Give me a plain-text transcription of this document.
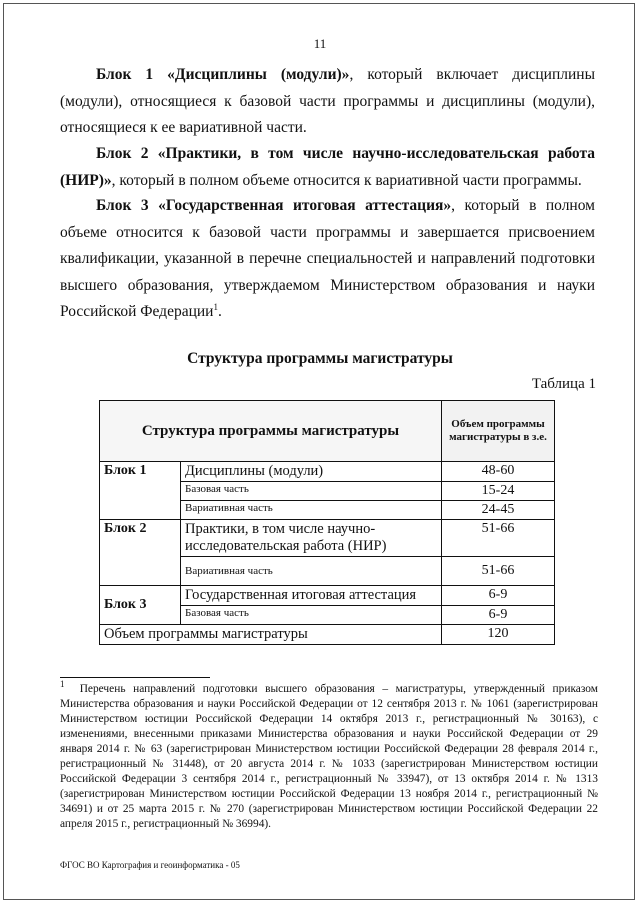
11
Блок 1 «Дисциплины (модули)», который включает дисциплины (модули), относящиеся к базовой части программы и дисциплины (модули), относящиеся к ее вариативной части.
Блок 2 «Практики, в том числе научно-исследовательская работа (НИР)», который в полном объеме относится к вариативной части программы.
Блок 3 «Государственная итоговая аттестация», который в полном объеме относится к базовой части программы и завершается присвоением квалификации, указанной в перечне специальностей и направлений подготовки высшего образования, утверждаемом Министерством образования и науки Российской Федерации$^1$.
Структура программы магистратуры
Таблица 1
Структура программы магистратуры		Объем программы магистратуры в з.е.
Блок 1	Дисциплины (модули)	48-60
	Базовая часть	15-24
	Вариативная часть	24-45
Блок 2	Практики, в том числе научно-исследовательская работа (НИР)	51-66
	Вариативная часть	51-66
Блок 3	Государственная итоговая аттестация	6-9
	Базовая часть	6-9
Объем программы магистратуры		120
$^1$ Перечень направлений подготовки высшего образования – магистратуры, утвержденный приказом Министерства образования и науки Российской Федерации от 12 сентября 2013 г. № 1061 (зарегистрирован Министерством юстиции Российской Федерации 14 октября 2013 г., регистрационный № 30163), с изменениями, внесенными приказами Министерства образования и науки Российской Федерации от 29 января 2014 г. № 63 (зарегистрирован Министерством юстиции Российской Федерации 28 февраля 2014 г., регистрационный № 31448), от 20 августа 2014 г. № 1033 (зарегистрирован Министерством юстиции Российской Федерации 3 сентября 2014 г., регистрационный № 33947), от 13 октября 2014 г. № 1313 (зарегистрирован Министерством юстиции Российской Федерации 13 ноября 2014 г., регистрационный № 34691) и от 25 марта 2015 г. № 270 (зарегистрирован Министерством юстиции Российской Федерации 22 апреля 2015 г., регистрационный № 36994).
ФГОС ВО Картография и геоинформатика - 05
